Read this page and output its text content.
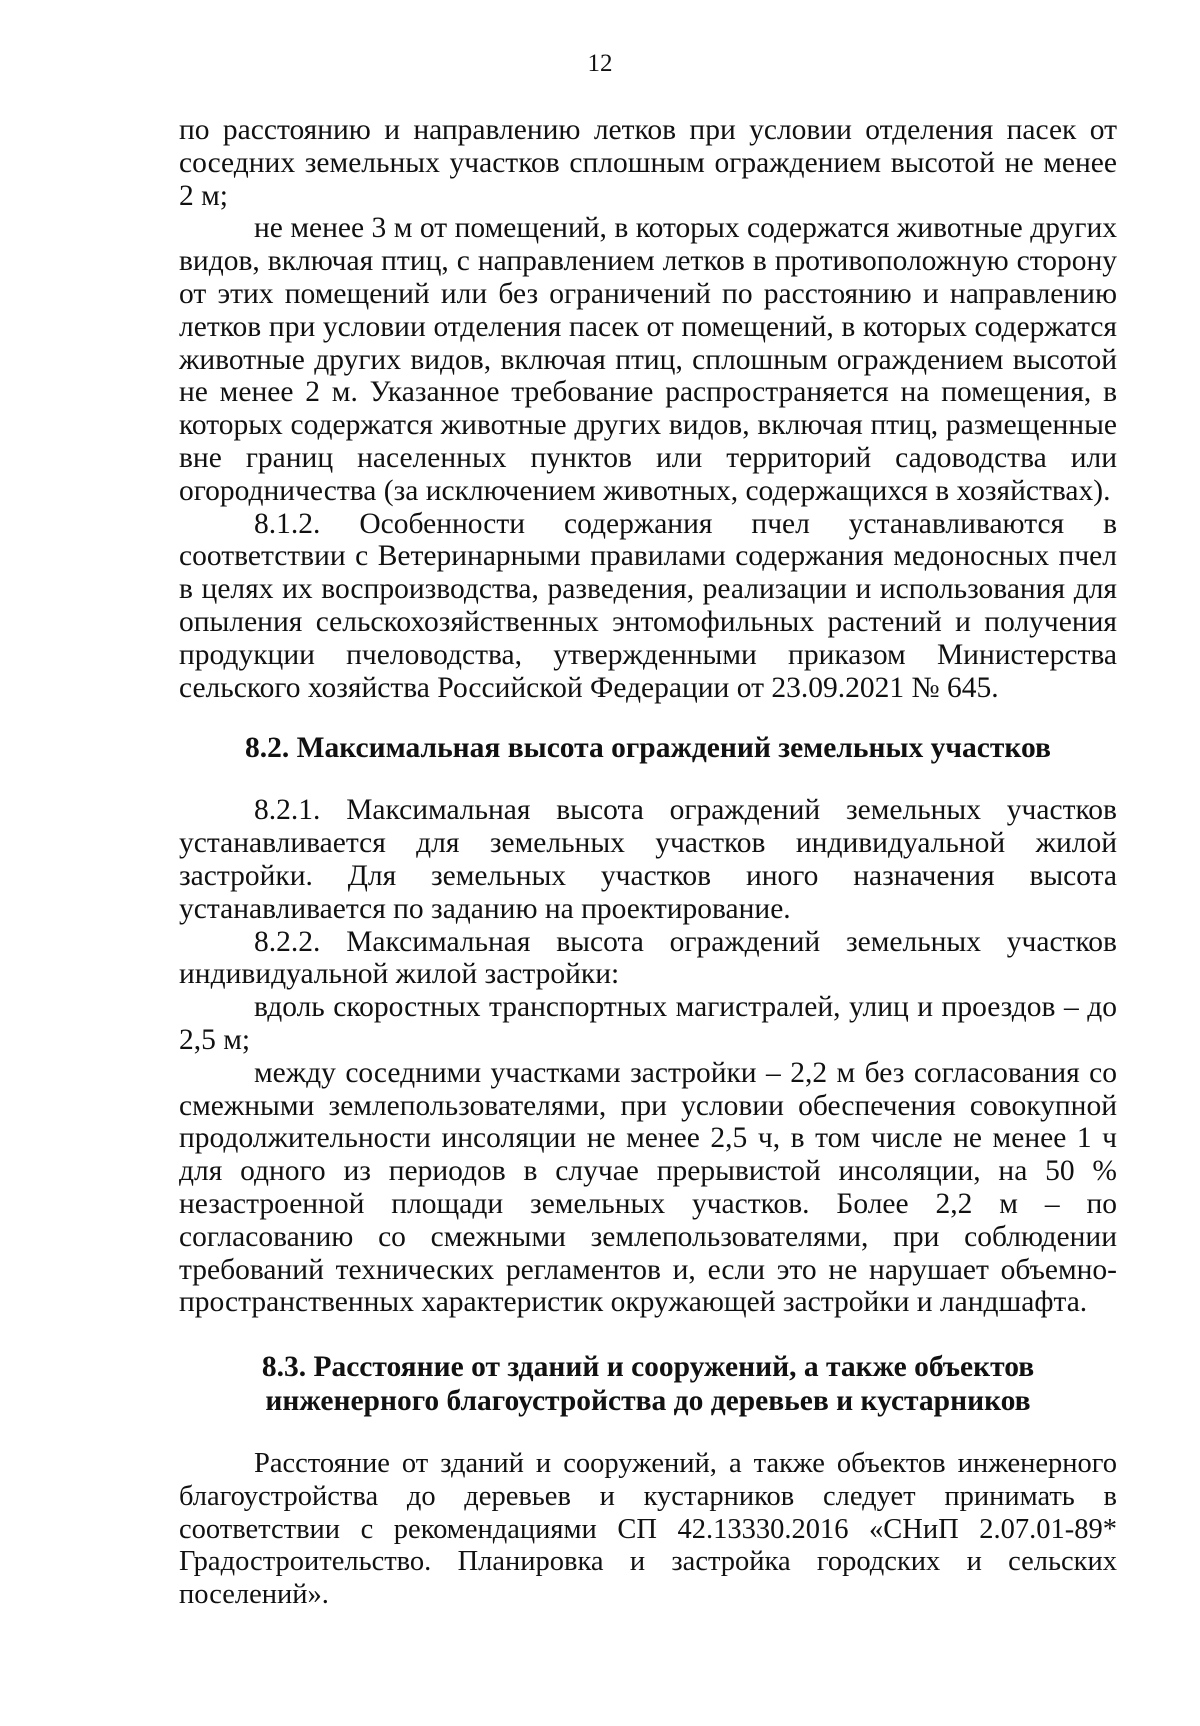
12

по расстоянию и направлению летков при условии отделения пасек от соседних земельных участков сплошным ограждением высотой не менее 2 м;

не менее 3 м от помещений, в которых содержатся животные других видов, включая птиц, с направлением летков в противоположную сторону от этих помещений или без ограничений по расстоянию и направлению летков при условии отделения пасек от помещений, в которых содержатся животные других видов, включая птиц, сплошным ограждением высотой не менее 2 м. Указанное требование распространяется на помещения, в которых содержатся животные других видов, включая птиц, размещенные вне границ населенных пунктов или территорий садоводства или огородничества (за исключением животных, содержащихся в хозяйствах).

8.1.2. Особенности содержания пчел устанавливаются в соответствии с Ветеринарными правилами содержания медоносных пчел в целях их воспроизводства, разведения, реализации и использования для опыления сельскохозяйственных энтомофильных растений и получения продукции пчеловодства, утвержденными приказом Министерства сельского хозяйства Российской Федерации от 23.09.2021 № 645.

8.2. Максимальная высота ограждений земельных участков

8.2.1. Максимальная высота ограждений земельных участков устанавливается для земельных участков индивидуальной жилой застройки. Для земельных участков иного назначения высота устанавливается по заданию на проектирование.

8.2.2. Максимальная высота ограждений земельных участков индивидуальной жилой застройки:

вдоль скоростных транспортных магистралей, улиц и проездов – до 2,5 м;

между соседними участками застройки – 2,2 м без согласования со смежными землепользователями, при условии обеспечения совокупной продолжительности инсоляции не менее 2,5 ч, в том числе не менее 1 ч для одного из периодов в случае прерывистой инсоляции, на 50 % незастроенной площади земельных участков. Более 2,2 м – по согласованию со смежными землепользователями, при соблюдении требований технических регламентов и, если это не нарушает объемно-пространственных характеристик окружающей застройки и ландшафта.

8.3. Расстояние от зданий и сооружений, а также объектов
инженерного благоустройства до деревьев и кустарников

Расстояние от зданий и сооружений, а также объектов инженерного благоустройства до деревьев и кустарников следует принимать в соответствии с рекомендациями СП 42.13330.2016 «СНиП 2.07.01-89* Градостроительство. Планировка и застройка городских и сельских поселений».
